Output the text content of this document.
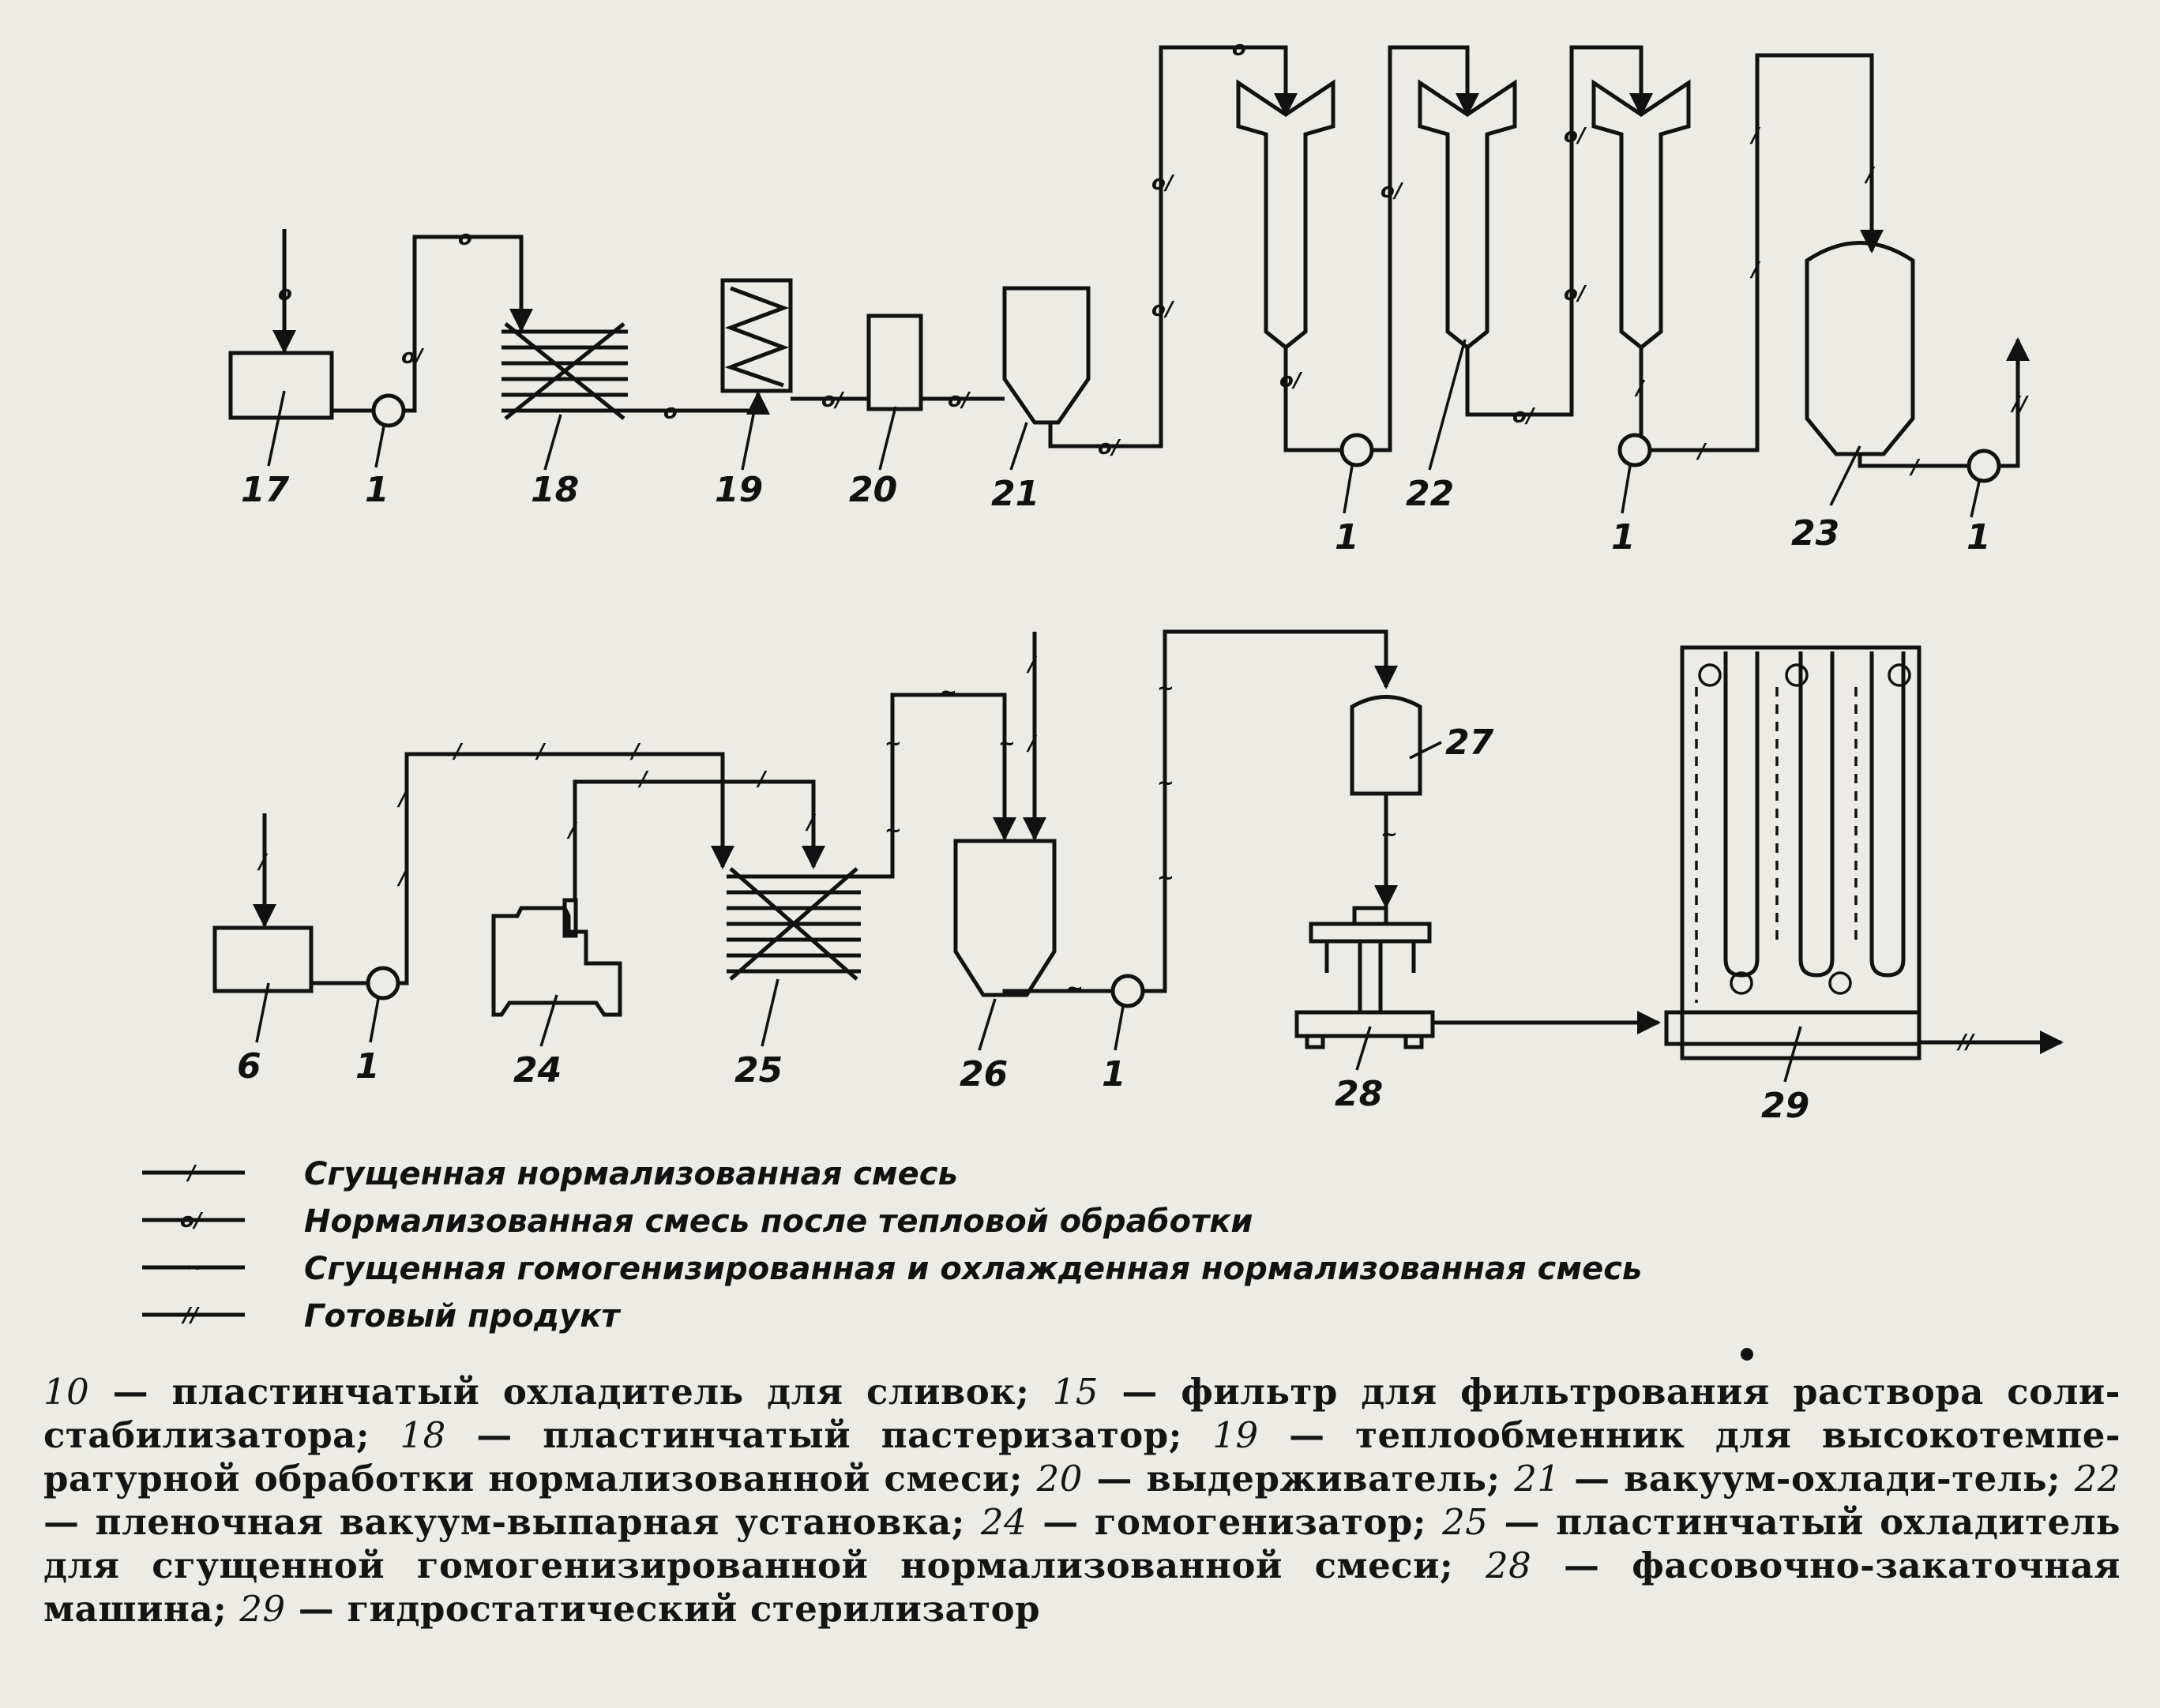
o
o/
o
o	o/	o/
o/
o/
o/
o
o/
o/
o/
o/
o/
/
/
/
/
/
/
//
/
/
/
/	/	/
/
/	/
/
~
~
~
~
/
/
~
~
~
~
~	~
~
~	~
//
17 1	18	19 20	21
1
22
1	23	1
6	1	24	25	26	1
27
28	29
/	Сгущенная нормализованная смесь
o/	Нормализованная смесь после тепловой обработки
~	Сгущенная гомогенизированная и охлажденная нормализованная смесь
//	Готовый продукт
10 — пластинчатый охладитель для сливок; 15 — фильтр для фильтрования раствора соли-стабилизатора; 18 — пластинчатый пастеризатор; 19 — теплообменник для высокотемпе-ратурной обработки нормализованной смеси; 20 — выдерживатель; 21 — вакуум-охлади-тель; 22 — пленочная вакуум-выпарная установка; 24 — гомогенизатор; 25 — пластинчатый охладитель для сгущенной гомогенизированной нормализованной смеси; 28 — фасовочно-закаточная машина; 29 — гидростатический стерилизатор
